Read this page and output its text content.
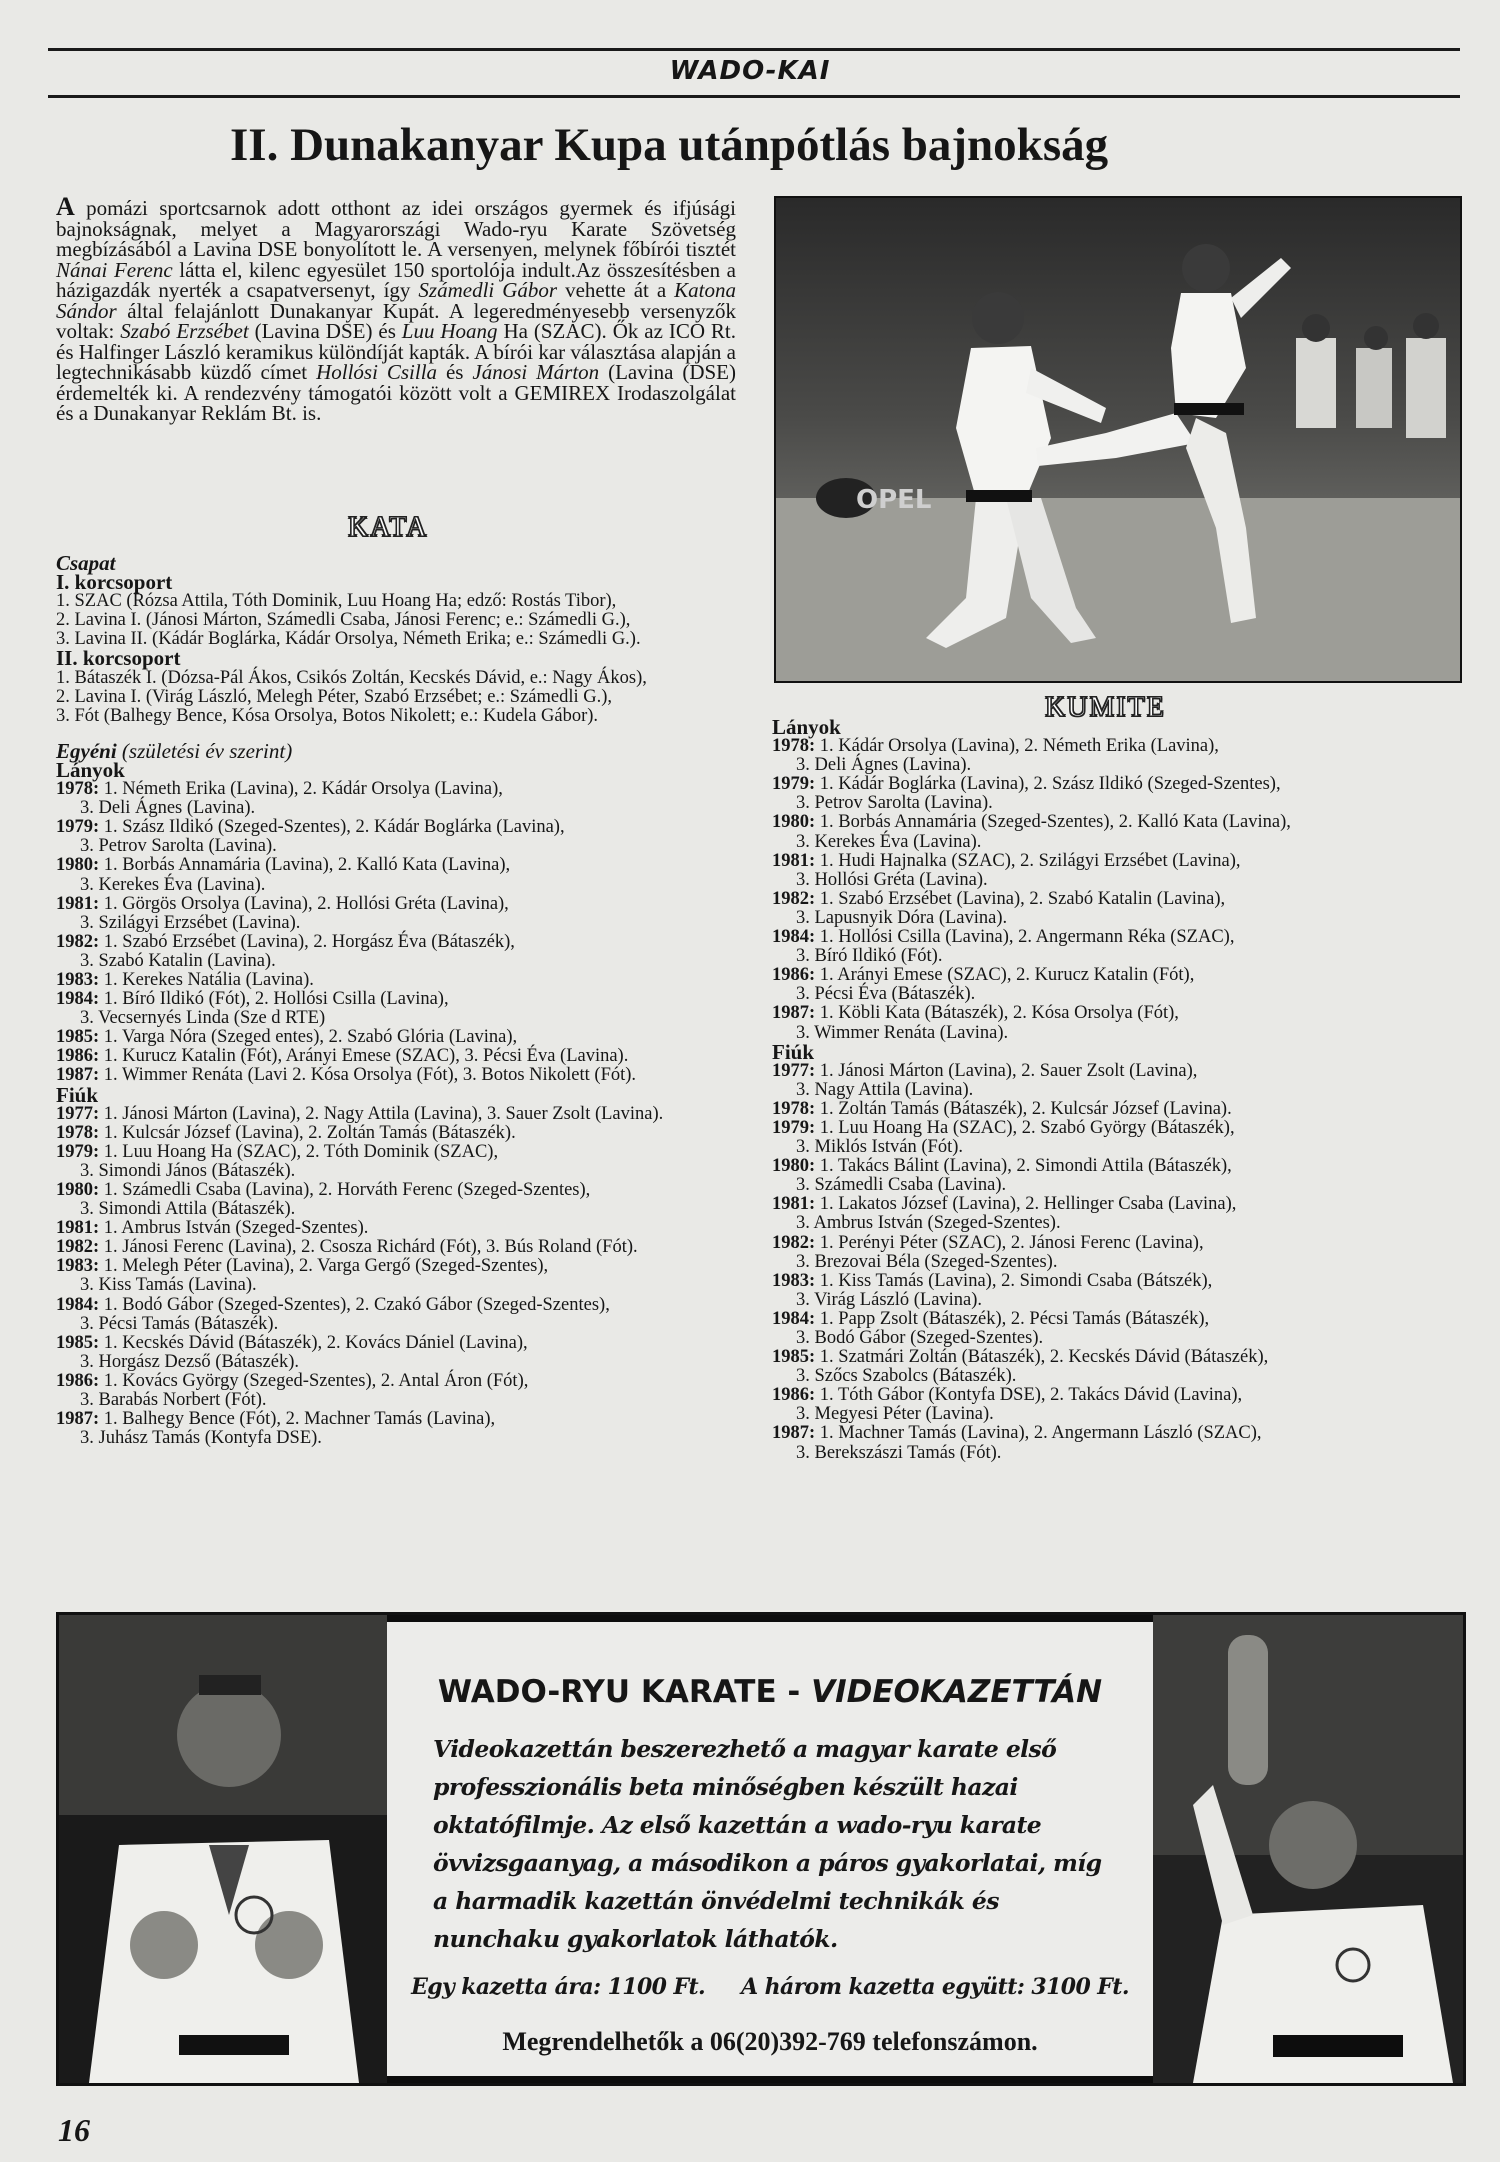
WADO-KAI
II. Dunakanyar Kupa utánpótlás bajnokság
A pomázi sportcsarnok adott otthont az idei országos gyermek és ifjúsági bajnokságnak, melyet a Magyarországi Wado-ryu Karate Szövetség megbízásából a Lavina DSE bonyolított le. A versenyen, melynek főbírói tisztét Nánai Ferenc látta el, kilenc egyesület 150 sportolója indult.Az összesítésben a házigazdák nyerték a csapatversenyt, így Számedli Gábor vehette át a Katona Sándor által felajánlott Dunakanyar Kupát. A legeredményesebb versenyzők voltak: Szabó Erzsébet (Lavina DSE) és Luu Hoang Ha (SZAC). Ők az ICO Rt. és Halfinger László keramikus különdíját kapták. A bírói kar választása alapján a legtechnikásabb küzdő címet Hollósi Csilla és Jánosi Márton (Lavina (DSE) érdemelték ki. A rendezvény támogatói között volt a GEMIREX Irodaszolgálat és a Dunakanyar Reklám Bt. is.
OPEL
KATA
Csapat
I. korcsoport
1. SZAC (Rózsa Attila, Tóth Dominik, Luu Hoang Ha; edző: Rostás Tibor),
2. Lavina I. (Jánosi Márton, Számedli Csaba, Jánosi Ferenc; e.: Számedli G.),
3. Lavina II. (Kádár Boglárka, Kádár Orsolya, Németh Erika; e.: Számedli G.).
II. korcsoport
1. Bátaszék I. (Dózsa-Pál Ákos, Csikós Zoltán, Kecskés Dávid, e.: Nagy Ákos),
2. Lavina I. (Virág László, Melegh Péter, Szabó Erzsébet; e.: Számedli G.),
3. Fót (Balhegy Bence, Kósa Orsolya, Botos Nikolett; e.: Kudela Gábor).
Egyéni (születési év szerint)
Lányok
1978: 1. Németh Erika (Lavina), 2. Kádár Orsolya (Lavina),
3. Deli Ágnes (Lavina).
1979: 1. Szász Ildikó (Szeged-Szentes), 2. Kádár Boglárka (Lavina),
3. Petrov Sarolta (Lavina).
1980: 1. Borbás Annamária (Lavina), 2. Kalló Kata (Lavina),
3. Kerekes Éva (Lavina).
1981: 1. Görgös Orsolya (Lavina), 2. Hollósi Gréta (Lavina),
3. Szilágyi Erzsébet (Lavina).
1982: 1. Szabó Erzsébet (Lavina), 2. Horgász Éva (Bátaszék),
3. Szabó Katalin (Lavina).
1983: 1. Kerekes Natália (Lavina).
1984: 1. Bíró Ildikó (Fót), 2. Hollósi Csilla (Lavina),
3. Vecsernyés Linda (Sze d RTE)
1985: 1. Varga Nóra (Szeged entes), 2. Szabó Glória (Lavina),
1986: 1. Kurucz Katalin (Fót), Arányi Emese (SZAC), 3. Pécsi Éva (Lavina).
1987: 1. Wimmer Renáta (Lavi 2. Kósa Orsolya (Fót), 3. Botos Nikolett (Fót).
Fiúk
1977: 1. Jánosi Márton (Lavina), 2. Nagy Attila (Lavina), 3. Sauer Zsolt (Lavina).
1978: 1. Kulcsár József (Lavina), 2. Zoltán Tamás (Bátaszék).
1979: 1. Luu Hoang Ha (SZAC), 2. Tóth Dominik (SZAC),
3. Simondi János (Bátaszék).
1980: 1. Számedli Csaba (Lavina), 2. Horváth Ferenc (Szeged-Szentes),
3. Simondi Attila (Bátaszék).
1981: 1. Ambrus István (Szeged-Szentes).
1982: 1. Jánosi Ferenc (Lavina), 2. Csosza Richárd (Fót), 3. Bús Roland (Fót).
1983: 1. Melegh Péter (Lavina), 2. Varga Gergő (Szeged-Szentes),
3. Kiss Tamás (Lavina).
1984: 1. Bodó Gábor (Szeged-Szentes), 2. Czakó Gábor (Szeged-Szentes),
3. Pécsi Tamás (Bátaszék).
1985: 1. Kecskés Dávid (Bátaszék), 2. Kovács Dániel (Lavina),
3. Horgász Dezső (Bátaszék).
1986: 1. Kovács György (Szeged-Szentes), 2. Antal Áron (Fót),
3. Barabás Norbert (Fót).
1987: 1. Balhegy Bence (Fót), 2. Machner Tamás (Lavina),
3. Juhász Tamás (Kontyfa DSE).
KUMITE
Lányok
1978: 1. Kádár Orsolya (Lavina), 2. Németh Erika (Lavina),
3. Deli Ágnes (Lavina).
1979: 1. Kádár Boglárka (Lavina), 2. Szász Ildikó (Szeged-Szentes),
3. Petrov Sarolta (Lavina).
1980: 1. Borbás Annamária (Szeged-Szentes), 2. Kalló Kata (Lavina),
3. Kerekes Éva (Lavina).
1981: 1. Hudi Hajnalka (SZAC), 2. Szilágyi Erzsébet (Lavina),
3. Hollósi Gréta (Lavina).
1982: 1. Szabó Erzsébet (Lavina), 2. Szabó Katalin (Lavina),
3. Lapusnyik Dóra (Lavina).
1984: 1. Hollósi Csilla (Lavina), 2. Angermann Réka (SZAC),
3. Bíró Ildikó (Fót).
1986: 1. Arányi Emese (SZAC), 2. Kurucz Katalin (Fót),
3. Pécsi Éva (Bátaszék).
1987: 1. Köbli Kata (Bátaszék), 2. Kósa Orsolya (Fót),
3. Wimmer Renáta (Lavina).
Fiúk
1977: 1. Jánosi Márton (Lavina), 2. Sauer Zsolt (Lavina),
3. Nagy Attila (Lavina).
1978: 1. Zoltán Tamás (Bátaszék), 2. Kulcsár József (Lavina).
1979: 1. Luu Hoang Ha (SZAC), 2. Szabó György (Bátaszék),
3. Miklós István (Fót).
1980: 1. Takács Bálint (Lavina), 2. Simondi Attila (Bátaszék),
3. Számedli Csaba (Lavina).
1981: 1. Lakatos József (Lavina), 2. Hellinger Csaba (Lavina),
3. Ambrus István (Szeged-Szentes).
1982: 1. Perényi Péter (SZAC), 2. Jánosi Ferenc (Lavina),
3. Brezovai Béla (Szeged-Szentes).
1983: 1. Kiss Tamás (Lavina), 2. Simondi Csaba (Bátszék),
3. Virág László (Lavina).
1984: 1. Papp Zsolt (Bátaszék), 2. Pécsi Tamás (Bátaszék),
3. Bodó Gábor (Szeged-Szentes).
1985: 1. Szatmári Zoltán (Bátaszék), 2. Kecskés Dávid (Bátaszék),
3. Szőcs Szabolcs (Bátaszék).
1986: 1. Tóth Gábor (Kontyfa DSE), 2. Takács Dávid (Lavina),
3. Megyesi Péter (Lavina).
1987: 1. Machner Tamás (Lavina), 2. Angermann László (SZAC),
3. Berekszászi Tamás (Fót).
WADO-RYU KARATE - VIDEOKAZETTÁN
Videokazettán beszerezhető a magyar karate első professzionális beta minőségben készült hazai oktatófilmje. Az első kazettán a wado-ryu karate övvizsgaanyag, a másodikon a páros gyakorlatai, míg a harmadik kazettán önvédelmi technikák és nunchaku gyakorlatok láthatók.
Egy kazetta ára: 1100 Ft. A három kazetta együtt: 3100 Ft.
Megrendelhetők a 06(20)392-769 telefonszámon.
16
